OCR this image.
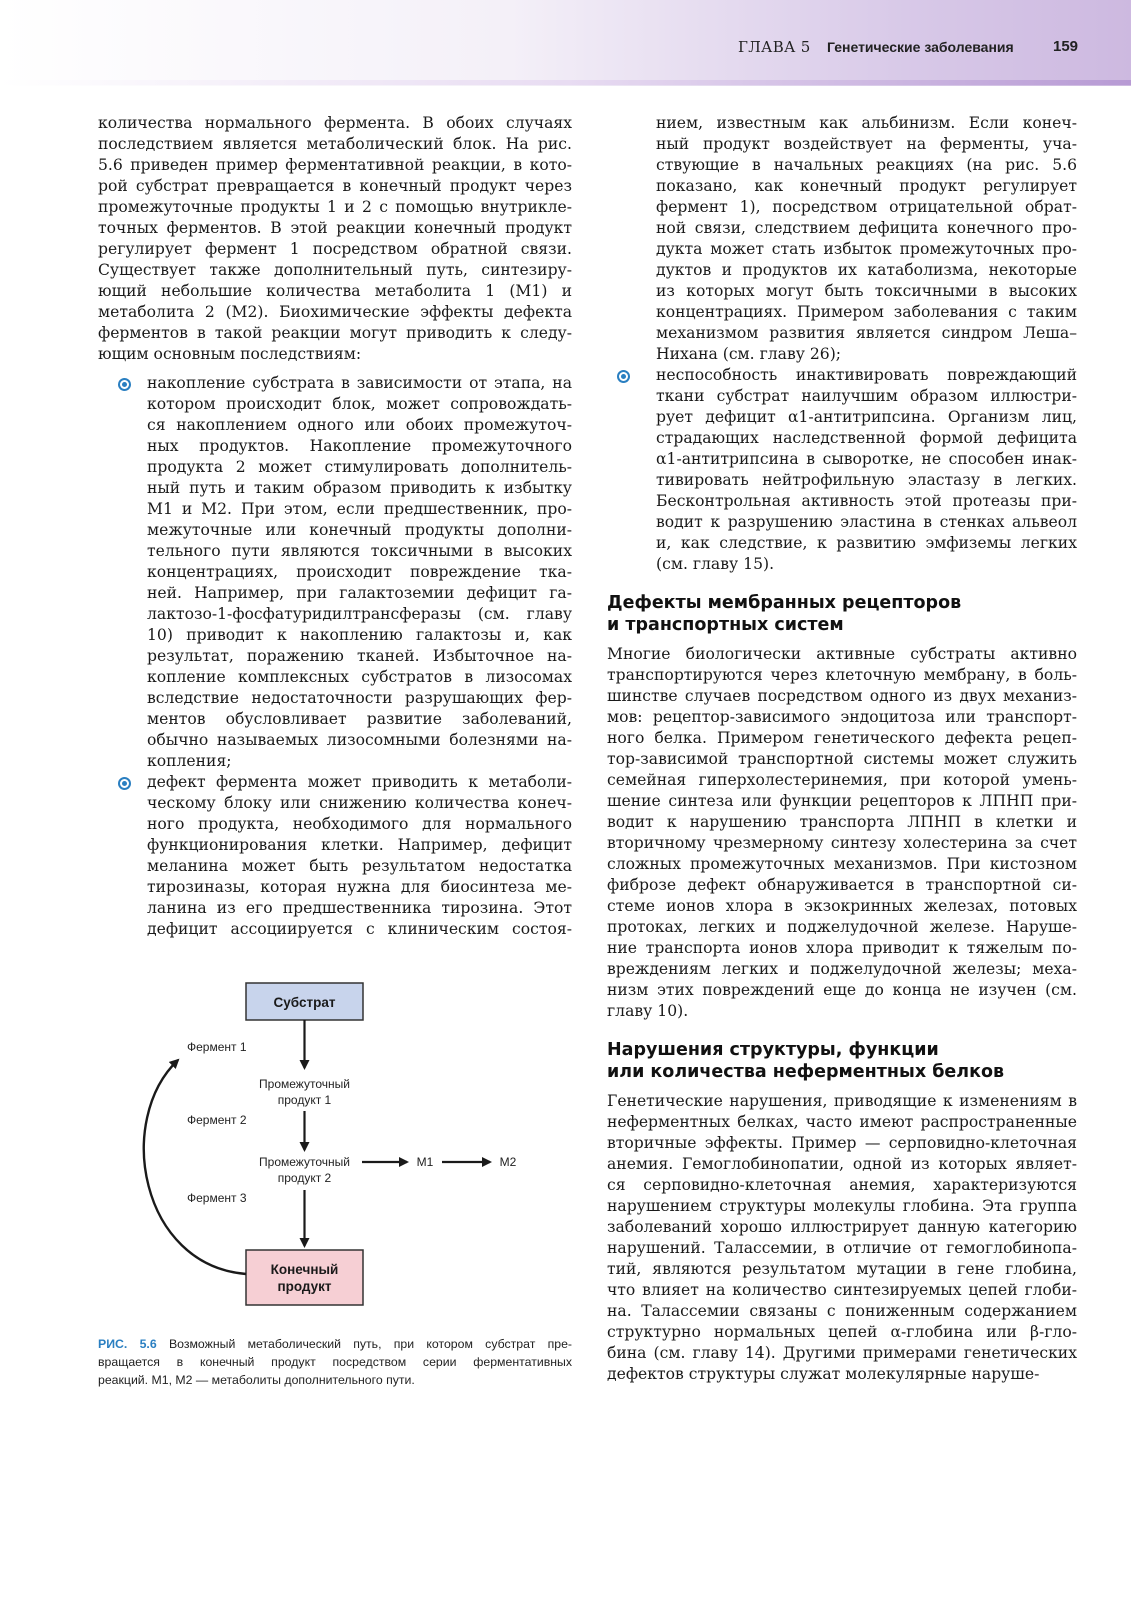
ГЛАВА 5 Генетические заболевания	159
количества нормального фермента. В обоих случаях
последствием является метаболический блок. На рис.
5.6 приведен пример ферментативной реакции, в кото-
рой субстрат превращается в конечный продукт через
промежуточные продукты 1 и 2 с помощью внутрикле-
точных ферментов. В этой реакции конечный продукт
регулирует фермент 1 посредством обратной связи.
Существует также дополнительный путь, синтезиру-
ющий небольшие количества метаболита 1 (М1) и
метаболита 2 (М2). Биохимические эффекты дефекта
ферментов в такой реакции могут приводить к следу-
ющим основным последствиям:
накопление субстрата в зависимости от этапа, на
котором происходит блок, может сопровождать-
ся накоплением одного или обоих промежуточ-
ных продуктов. Накопление промежуточного
продукта 2 может стимулировать дополнитель-
ный путь и таким образом приводить к избытку
М1 и М2. При этом, если предшественник, про-
межуточные или конечный продукты дополни-
тельного пути являются токсичными в высоких
концентрациях, происходит повреждение тка-
ней. Например, при галактоземии дефицит га-
лактозо-1-фосфатуридилтрансферазы (см. главу
10) приводит к накоплению галактозы и, как
результат, поражению тканей. Избыточное на-
копление комплексных субстратов в лизосомах
вследствие недостаточности разрушающих фер-
ментов обусловливает развитие заболеваний,
обычно называемых лизосомными болезнями на-
копления;
дефект фермента может приводить к метаболи-
ческому блоку или снижению количества конеч-
ного продукта, необходимого для нормального
функционирования клетки. Например, дефицит
меланина может быть результатом недостатка
тирозиназы, которая нужна для биосинтеза ме-
ланина из его предшественника тирозина. Этот
дефицит ассоциируется с клиническим состоя-
Субстрат
Промежуточный
продукт 1
Промежуточный
продукт 2
М1	М2
Конечный
продукт
Фермент 1
Фермент 2
Фермент 3
РИС. 5.6 Возможный метаболический путь, при котором субстрат пре-
вращается в конечный продукт посредством серии ферментативных
реакций. М1, М2 — метаболиты дополнительного пути.
нием, известным как альбинизм. Если конеч-
ный продукт воздействует на ферменты, уча-
ствующие в начальных реакциях (на рис. 5.6
показано, как конечный продукт регулирует
фермент 1), посредством отрицательной обрат-
ной связи, следствием дефицита конечного про-
дукта может стать избыток промежуточных про-
дуктов и продуктов их катаболизма, некоторые
из которых могут быть токсичными в высоких
концентрациях. Примером заболевания с таким
механизмом развития является синдром Леша–
Нихана (см. главу 26);
неспособность инактивировать повреждающий
ткани субстрат наилучшим образом иллюстри-
рует дефицит α1-антитрипсина. Организм лиц,
страдающих наследственной формой дефицита
α1-антитрипсина в сыворотке, не способен инак-
тивировать нейтрофильную эластазу в легких.
Бесконтрольная активность этой протеазы при-
водит к разрушению эластина в стенках альвеол
и, как следствие, к развитию эмфиземы легких
(см. главу 15).
Дефекты мембранных рецепторов
и транспортных систем
Многие биологически активные субстраты активно
транспортируются через клеточную мембрану, в боль-
шинстве случаев посредством одного из двух механиз-
мов: рецептор-зависимого эндоцитоза или транспорт-
ного белка. Примером генетического дефекта рецеп-
тор-зависимой транспортной системы может служить
семейная гиперхолестеринемия, при которой умень-
шение синтеза или функции рецепторов к ЛПНП при-
водит к нарушению транспорта ЛПНП в клетки и
вторичному чрезмерному синтезу холестерина за счет
сложных промежуточных механизмов. При кистозном
фиброзе дефект обнаруживается в транспортной си-
стеме ионов хлора в экзокринных железах, потовых
протоках, легких и поджелудочной железе. Наруше-
ние транспорта ионов хлора приводит к тяжелым по-
вреждениям легких и поджелудочной железы; меха-
низм этих повреждений еще до конца не изучен (см.
главу 10).
Нарушения структуры, функции
или количества неферментных белков
Генетические нарушения, приводящие к изменениям в
неферментных белках, часто имеют распространенные
вторичные эффекты. Пример — серповидно-клеточная
анемия. Гемоглобинопатии, одной из которых являет-
ся серповидно-клеточная анемия, характеризуются
нарушением структуры молекулы глобина. Эта группа
заболеваний хорошо иллюстрирует данную категорию
нарушений. Талассемии, в отличие от гемоглобинопа-
тий, являются результатом мутации в гене глобина,
что влияет на количество синтезируемых цепей глоби-
на. Талассемии связаны с пониженным содержанием
структурно нормальных цепей α-глобина или β-гло-
бина (см. главу 14). Другими примерами генетических
дефектов структуры служат молекулярные наруше-
